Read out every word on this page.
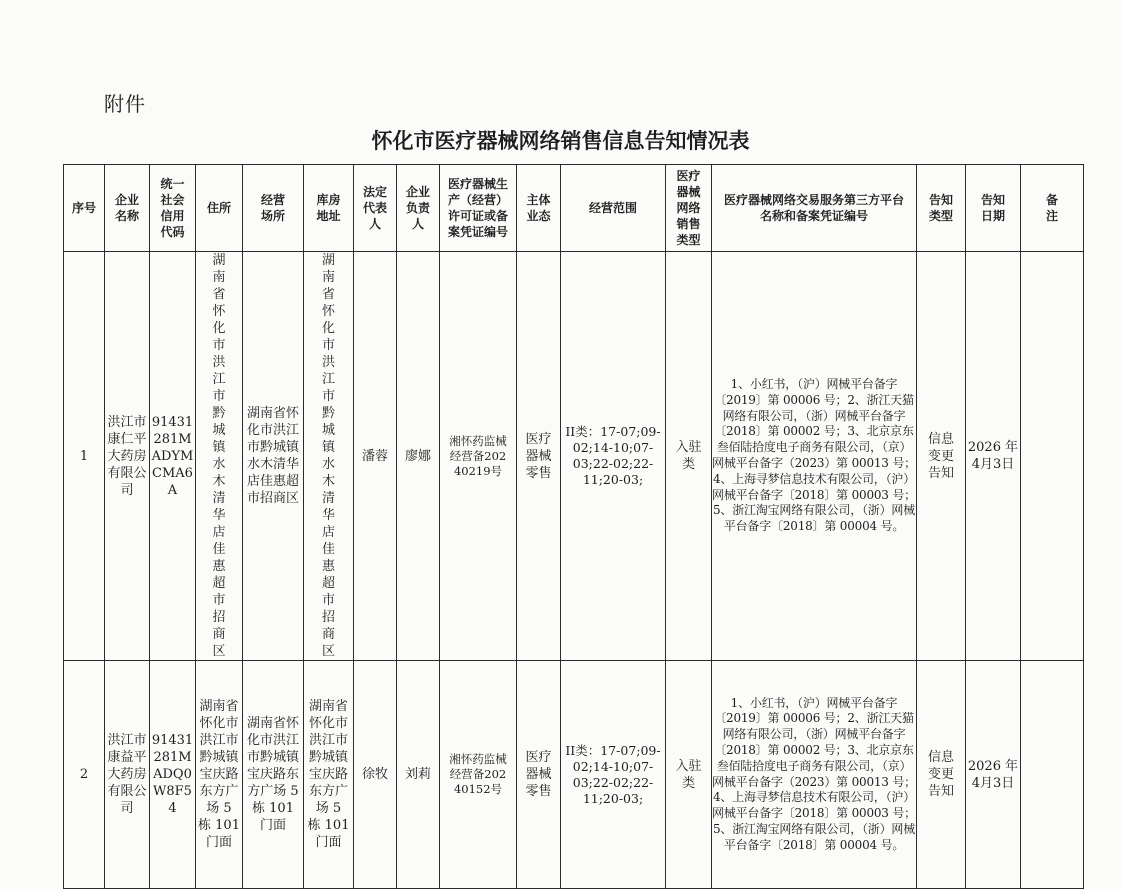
附件
怀化市医疗器械网络销售信息告知情况表
序号	企业名称	统一社会信用代码	住所	经营场所	库房地址	法定代表人	企业负责人	医疗器械生产（经营）许可证或备案凭证编号	主体业态	经营范围	医疗器械网络销售类型	医疗器械网络交易服务第三方平台名称和备案凭证编号	告知类型	告知日期	备注

1	洪江市康仁平大药房有限公司	91431281MADYMCMA6A	湖南省怀化市洪江市黔城镇水木清华店佳惠超市招商区	湖南省怀化市洪江市黔城镇水木清华店佳惠超市招商区	湖南省怀化市洪江市黔城镇水木清华店佳惠超市招商区	潘蓉	廖娜	湘怀药监械经营备20240219号	医疗器械零售	II类：17-07;09-02;14-10;07-03;22-02;22-11;20-03;	入驻类	1、小红书，（沪）网械平台备字〔2019〕第 00006 号；2、浙江天猫网络有限公司，（浙）网械平台备字〔2018〕第 00002 号；3、北京京东叁佰陆拾度电子商务有限公司，（京）网械平台备字（2023）第 00013 号；4、上海寻梦信息技术有限公司，（沪）网械平台备字〔2018〕第 00003 号；5、浙江淘宝网络有限公司，（浙）网械平台备字〔2018〕第 00004 号。	信息变更告知	2026 年4月3日	

2	洪江市康益平大药房有限公司	91431281MADQ0W8F54	湖南省怀化市洪江市黔城镇宝庆路东方广场 5 栋 101 门面	湖南省怀化市洪江市黔城镇宝庆路东方广场 5 栋 101 门面	湖南省怀化市洪江市黔城镇宝庆路东方广场 5 栋 101 门面	徐牧	刘莉	湘怀药监械经营备20240152号	医疗器械零售	II类：17-07;09-02;14-10;07-03;22-02;22-11;20-03;	入驻类	1、小红书，（沪）网械平台备字〔2019〕第 00006 号；2、浙江天猫网络有限公司，（浙）网械平台备字〔2018〕第 00002 号；3、北京京东叁佰陆拾度电子商务有限公司，（京）网械平台备字（2023）第 00013 号；4、上海寻梦信息技术有限公司，（沪）网械平台备字〔2018〕第 00003 号；5、浙江淘宝网络有限公司，（浙）网械平台备字〔2018〕第 00004 号。	信息变更告知	2026 年4月3日	
